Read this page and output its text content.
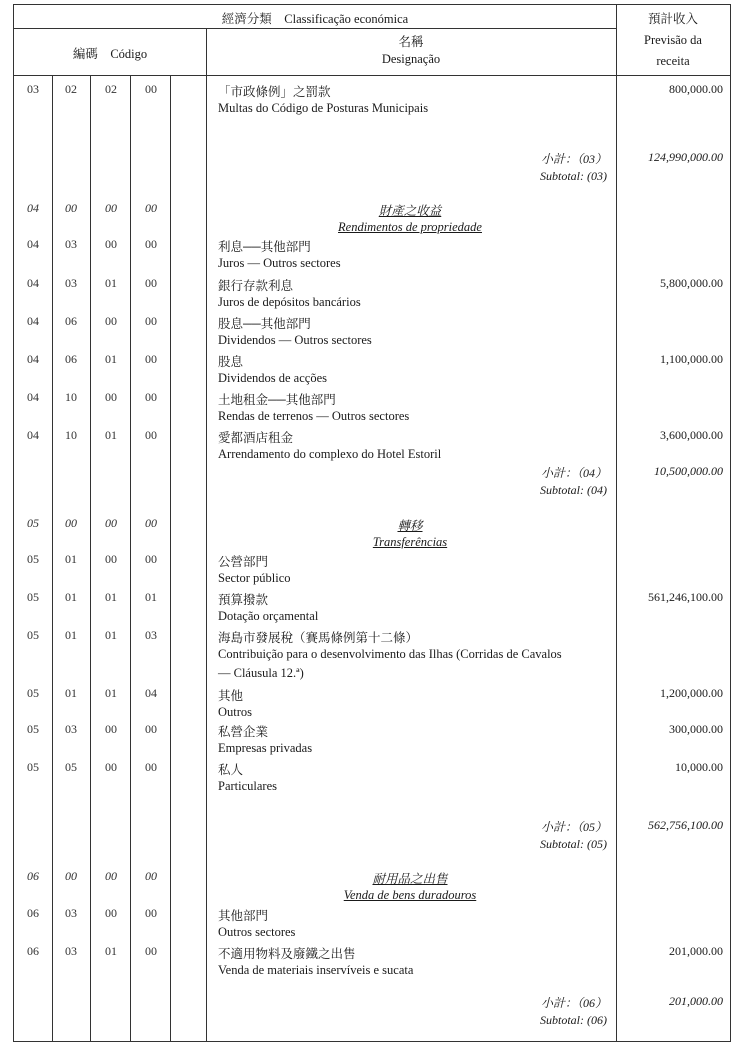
經濟分類　Classificação económica	預計收入
編碼　Código
名稱
Designação
Previsão da
receita
03	02	02	00	「市政條例」之罰款
Multas do Código de Posturas Municipais
800,000.00
小計：（03）
Subtotal: (03)
124,990,000.00
04	00	00	00	財產之收益
Rendimentos de propriedade
04	03	00	00	利息──其他部門
Juros — Outros sectores
04	03	01	00	銀行存款利息
Juros de depósitos bancários
5,800,000.00
04	06	00	00	股息──其他部門
Dividendos — Outros sectores
04	06	01	00	股息
Dividendos de acções
1,100,000.00
04	10	00	00	土地租金──其他部門
Rendas de terrenos — Outros sectores
04	10	01	00	愛都酒店租金
Arrendamento do complexo do Hotel Estoril
3,600,000.00
小計：（04）
Subtotal: (04)
10,500,000.00
05	00	00	00	轉移
Transferências
05	01	00	00	公營部門
Sector público
05	01	01	01	預算撥款
Dotação orçamental
561,246,100.00
05	01	01	03	海島市發展稅（賽馬條例第十二條）
Contribuição para o desenvolvimento das Ilhas (Corridas de Cavalos
— Cláusula 12.ª)
05	01	01	04	其他
Outros
1,200,000.00
05	03	00	00	私營企業
Empresas privadas
300,000.00
05	05	00	00	私人
Particulares
10,000.00
小計：（05）
Subtotal: (05)
562,756,100.00
06	00	00	00	耐用品之出售
Venda de bens duradouros
06	03	00	00	其他部門
Outros sectores
06	03	01	00	不適用物料及廢鐵之出售
Venda de materiais inservíveis e sucata
201,000.00
小計：（06）
Subtotal: (06)
201,000.00
